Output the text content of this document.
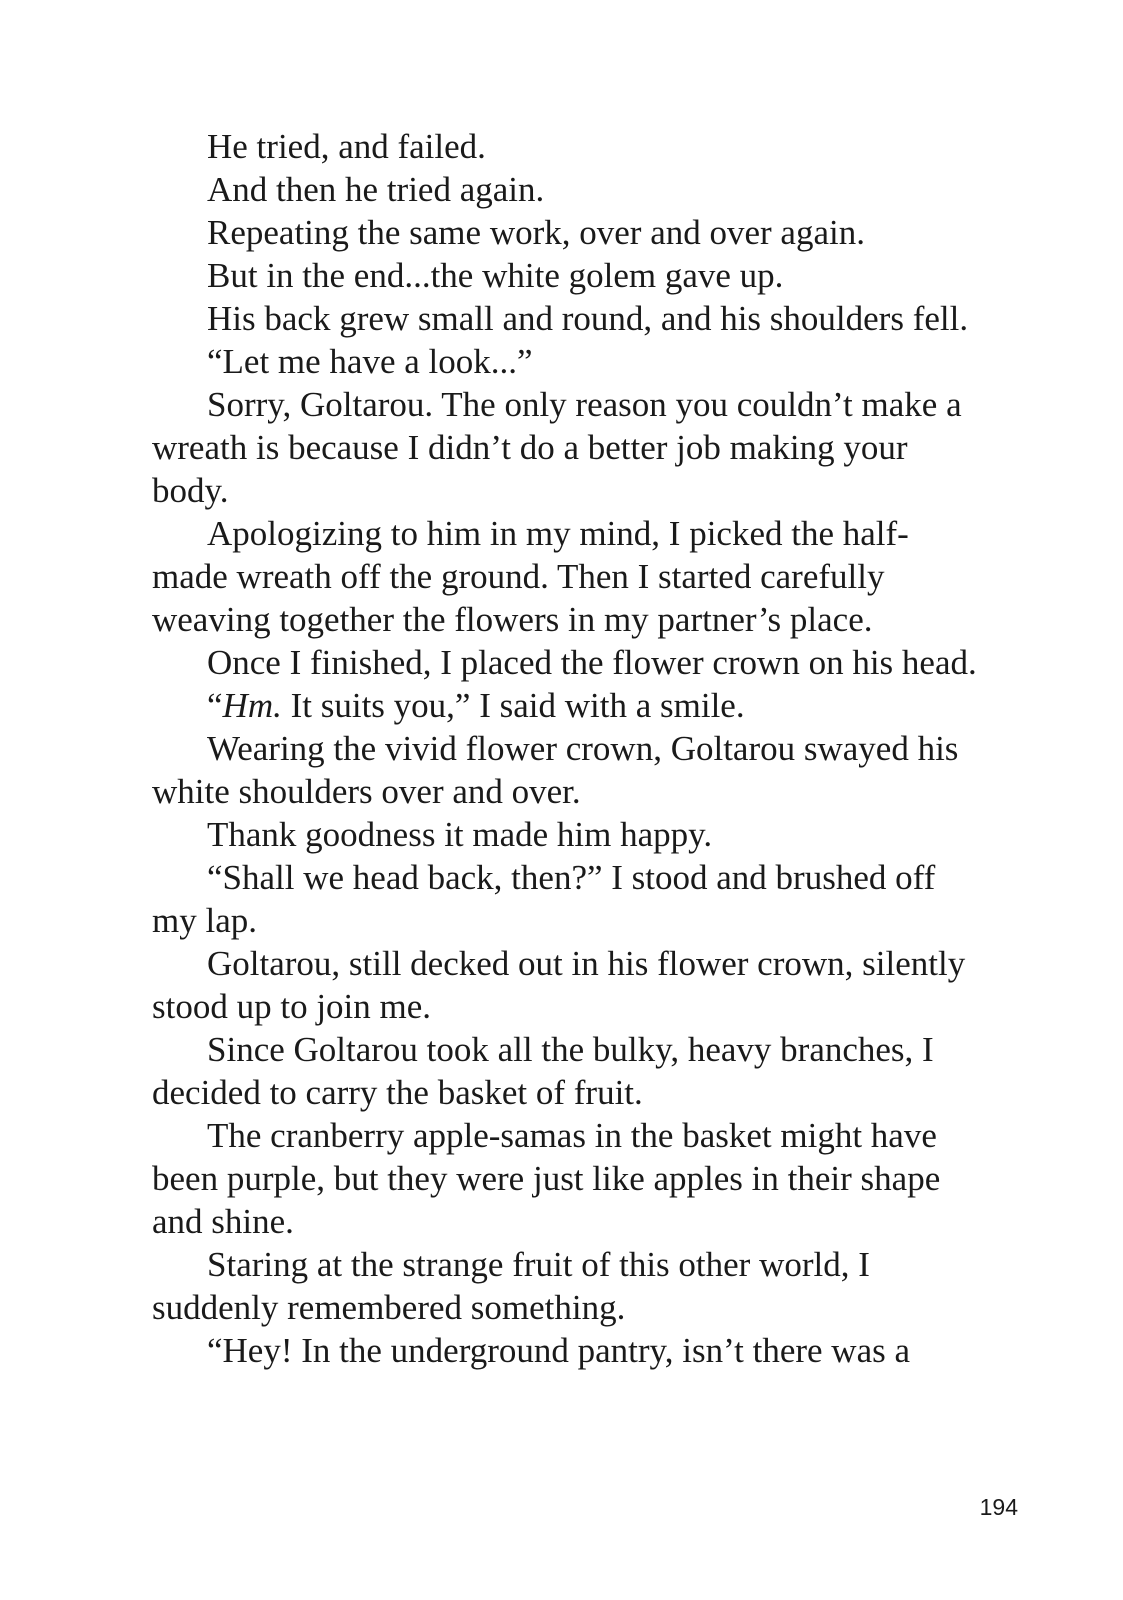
He tried, and failed.

And then he tried again.

Repeating the same work, over and over again.

But in the end...the white golem gave up.

His back grew small and round, and his shoulders fell.

“Let me have a look...”

Sorry, Goltarou. The only reason you couldn’t make a wreath is because I didn’t do a better job making your body.

Apologizing to him in my mind, I picked the half-made wreath off the ground. Then I started carefully weaving together the flowers in my partner’s place.

Once I finished, I placed the flower crown on his head.

“Hm. It suits you,” I said with a smile.

Wearing the vivid flower crown, Goltarou swayed his white shoulders over and over.

Thank goodness it made him happy.

“Shall we head back, then?” I stood and brushed off my lap.

Goltarou, still decked out in his flower crown, silently stood up to join me.

Since Goltarou took all the bulky, heavy branches, I decided to carry the basket of fruit.

The cranberry apple-samas in the basket might have been purple, but they were just like apples in their shape and shine.

Staring at the strange fruit of this other world, I suddenly remembered something.

“Hey! In the underground pantry, isn’t there was a

194
